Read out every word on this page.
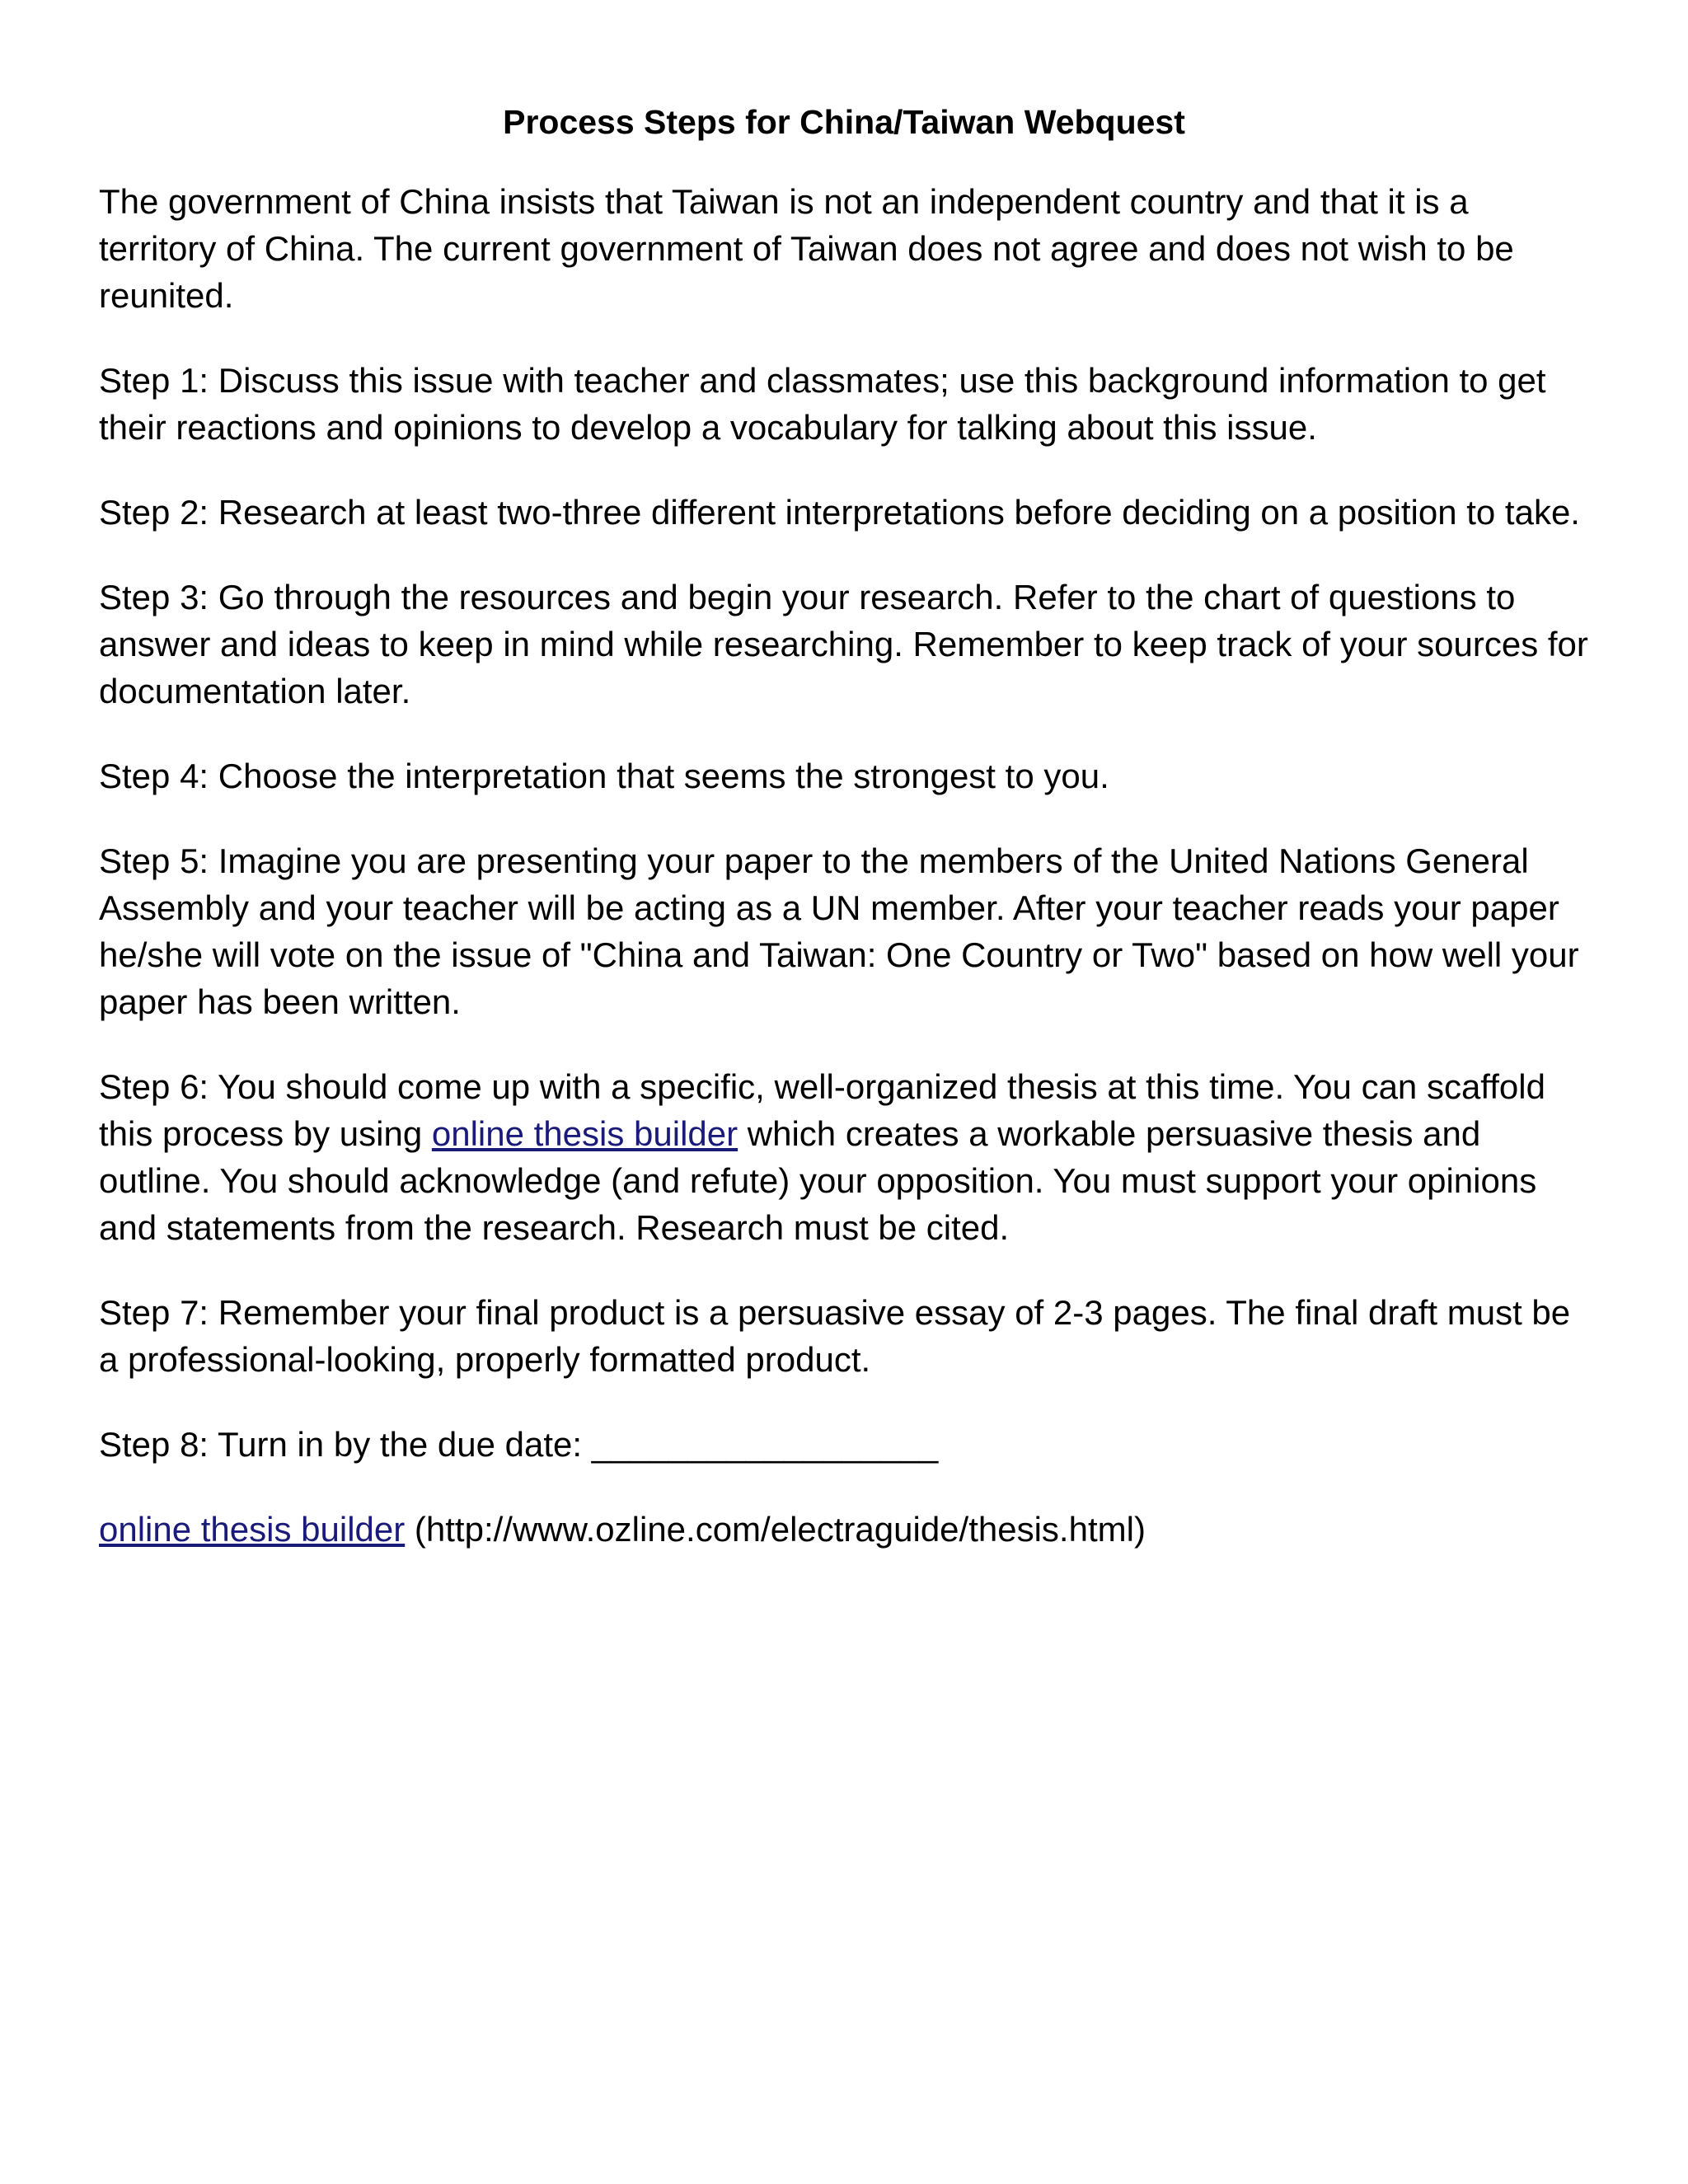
Process Steps for China/Taiwan Webquest

The government of China insists that Taiwan is not an independent country and that it is a territory of China. The current government of Taiwan does not agree and does not wish to be reunited.

Step 1: Discuss this issue with teacher and classmates; use this background information to get their reactions and opinions to develop a vocabulary for talking about this issue.

Step 2: Research at least two-three different interpretations before deciding on a position to take.

Step 3: Go through the resources and begin your research. Refer to the chart of questions to answer and ideas to keep in mind while researching. Remember to keep track of your sources for documentation later.

Step 4: Choose the interpretation that seems the strongest to you.

Step 5: Imagine you are presenting your paper to the members of the United Nations General Assembly and your teacher will be acting as a UN member. After your teacher reads your paper he/she will vote on the issue of "China and Taiwan: One Country or Two" based on how well your paper has been written.

Step 6: You should come up with a specific, well-organized thesis at this time. You can scaffold this process by using online thesis builder which creates a workable persuasive thesis and outline. You should acknowledge (and refute) your opposition. You must support your opinions and statements from the research. Research must be cited.

Step 7: Remember your final product is a persuasive essay of 2-3 pages. The final draft must be a professional-looking, properly formatted product.

Step 8: Turn in by the due date: __________________

online thesis builder (http://www.ozline.com/electraguide/thesis.html)
